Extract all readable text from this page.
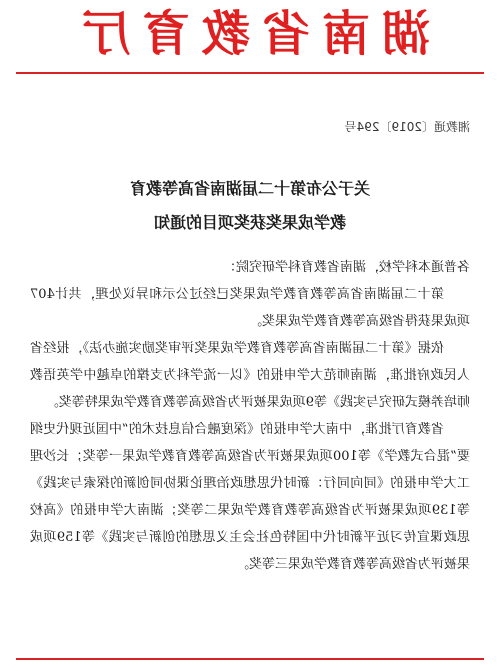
湖南省教育厅
湘教通〔2019〕294号
关于公布第十二届湖南省高等教育
教学成果奖获奖项目的通知

各普通本科学校，湖南省教育科学研究院：

第十二届湖南省高等教育教学成果奖已经过公示和异议处理，共计407项成果获得省级高等教育教学成果奖。

依据《第十二届湖南省高等教育教学成果奖评审奖励实施办法》，报经省人民政府批准，湖南师范大学申报的《以一流学科为支撑的卓越中学英语教师培养模式研究与实践》等9项成果被评为省级高等教育教学成果特等奖。

省教育厅批准，中南大学申报的《深度融合信息技术的“中国近现代史纲要”混合式教学》等100项成果被评为省级高等教育教学成果一等奖；长沙理工大学申报的《同向同行：新时代思想政治理论课协同创新的探索与实践》等139项成果被评为省级高等教育教学成果二等奖；湖南大学申报的《高校思政课宣传习近平新时代中国特色社会主义思想的创新与实践》等159项成果被评为省级高等教育教学成果三等奖。
